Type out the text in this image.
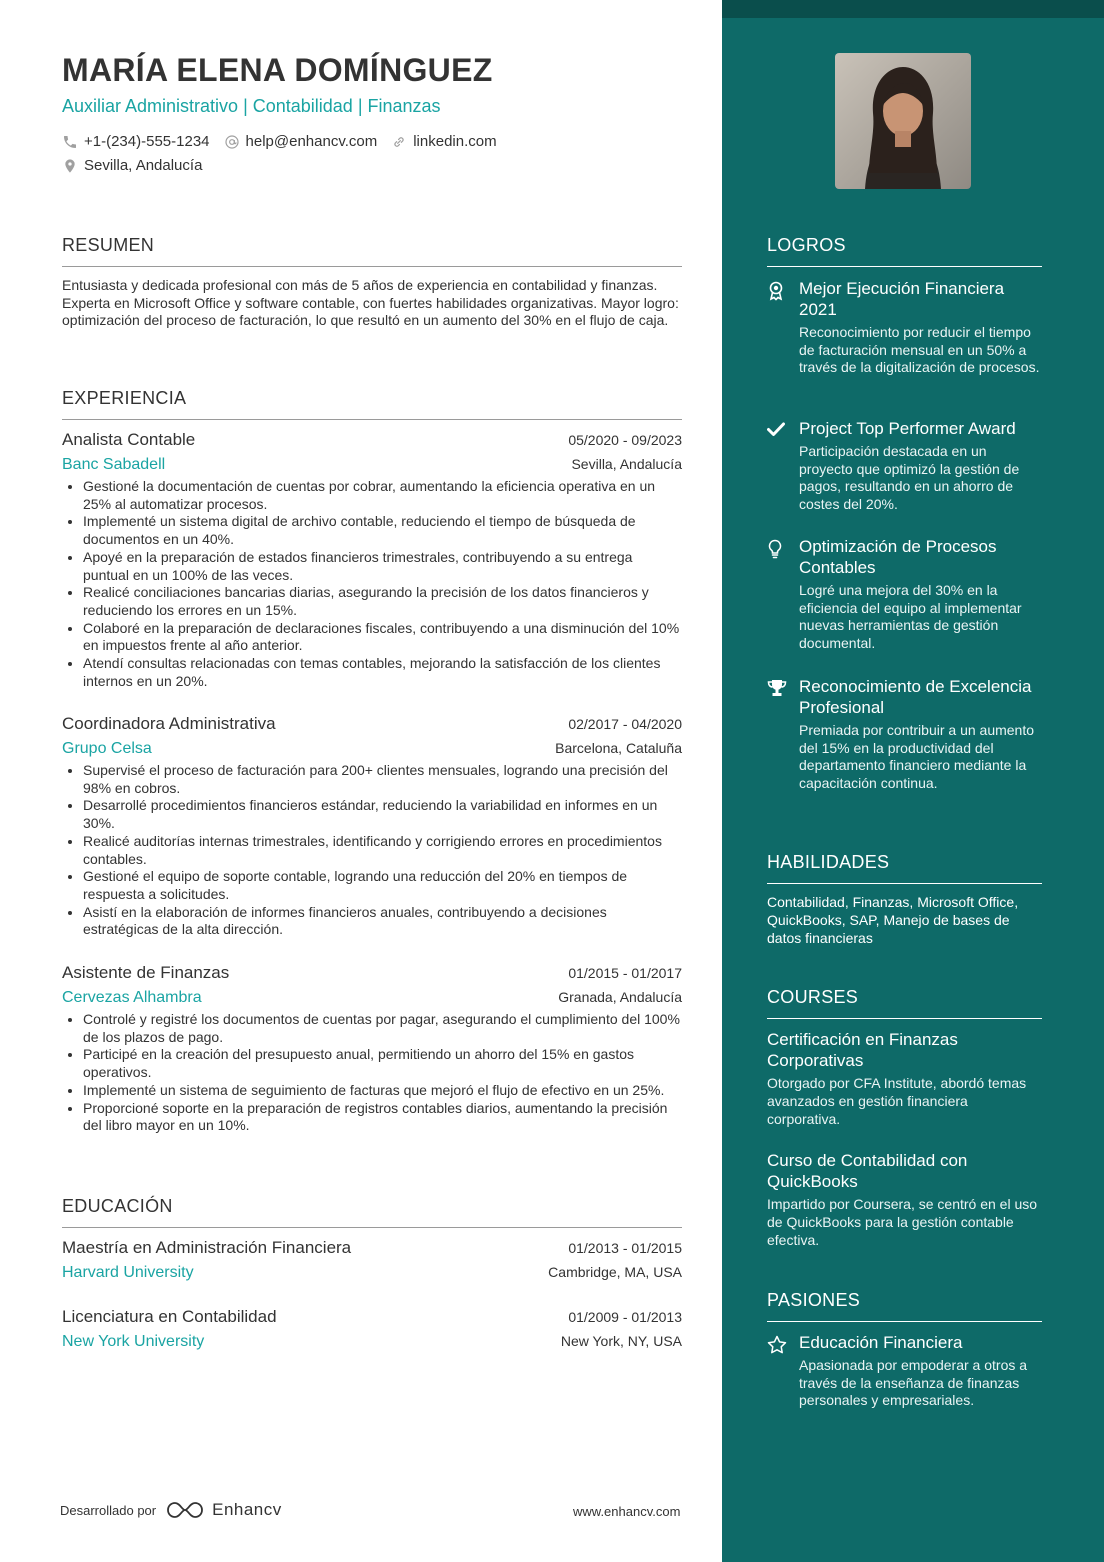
MARÍA ELENA DOMÍNGUEZ
Auxiliar Administrativo | Contabilidad | Finanzas
+1-(234)-555-1234 help@enhancv.com linkedin.com
Sevilla, Andalucía
RESUMEN
Entusiasta y dedicada profesional con más de 5 años de experiencia en contabilidad y finanzas. Experta en Microsoft Office y software contable, con fuertes habilidades organizativas. Mayor logro: optimización del proceso de facturación, lo que resultó en un aumento del 30% en el flujo de caja.
EXPERIENCIA
Analista Contable	05/2020 - 09/2023
Banc Sabadell	Sevilla, Andalucía
• Gestioné la documentación de cuentas por cobrar, aumentando la eficiencia operativa en un 25% al automatizar procesos.
• Implementé un sistema digital de archivo contable, reduciendo el tiempo de búsqueda de documentos en un 40%.
• Apoyé en la preparación de estados financieros trimestrales, contribuyendo a su entrega puntual en un 100% de las veces.
• Realicé conciliaciones bancarias diarias, asegurando la precisión de los datos financieros y reduciendo los errores en un 15%.
• Colaboré en la preparación de declaraciones fiscales, contribuyendo a una disminución del 10% en impuestos frente al año anterior.
• Atendí consultas relacionadas con temas contables, mejorando la satisfacción de los clientes internos en un 20%.
Coordinadora Administrativa	02/2017 - 04/2020
Grupo Celsa	Barcelona, Cataluña
• Supervisé el proceso de facturación para 200+ clientes mensuales, logrando una precisión del 98% en cobros.
• Desarrollé procedimientos financieros estándar, reduciendo la variabilidad en informes en un 30%.
• Realicé auditorías internas trimestrales, identificando y corrigiendo errores en procedimientos contables.
• Gestioné el equipo de soporte contable, logrando una reducción del 20% en tiempos de respuesta a solicitudes.
• Asistí en la elaboración de informes financieros anuales, contribuyendo a decisiones estratégicas de la alta dirección.
Asistente de Finanzas	01/2015 - 01/2017
Cervezas Alhambra	Granada, Andalucía
• Controlé y registré los documentos de cuentas por pagar, asegurando el cumplimiento del 100% de los plazos de pago.
• Participé en la creación del presupuesto anual, permitiendo un ahorro del 15% en gastos operativos.
• Implementé un sistema de seguimiento de facturas que mejoró el flujo de efectivo en un 25%.
• Proporcioné soporte en la preparación de registros contables diarios, aumentando la precisión del libro mayor en un 10%.
EDUCACIÓN
Maestría en Administración Financiera	01/2013 - 01/2015
Harvard University	Cambridge, MA, USA
Licenciatura en Contabilidad	01/2009 - 01/2013
New York University	New York, NY, USA
Desarrollado por	Enhancv	www.enhancv.com
LOGROS
Mejor Ejecución Financiera 2021
Reconocimiento por reducir el tiempo de facturación mensual en un 50% a través de la digitalización de procesos.
Project Top Performer Award
Participación destacada en un proyecto que optimizó la gestión de pagos, resultando en un ahorro de costes del 20%.
Optimización de Procesos Contables
Logré una mejora del 30% en la eficiencia del equipo al implementar nuevas herramientas de gestión documental.
Reconocimiento de Excelencia Profesional
Premiada por contribuir a un aumento del 15% en la productividad del departamento financiero mediante la capacitación continua.
HABILIDADES
Contabilidad, Finanzas, Microsoft Office, QuickBooks, SAP, Manejo de bases de datos financieras
COURSES
Certificación en Finanzas Corporativas
Otorgado por CFA Institute, abordó temas avanzados en gestión financiera corporativa.
Curso de Contabilidad con QuickBooks
Impartido por Coursera, se centró en el uso de QuickBooks para la gestión contable efectiva.
PASIONES
Educación Financiera
Apasionada por empoderar a otros a través de la enseñanza de finanzas personales y empresariales.
